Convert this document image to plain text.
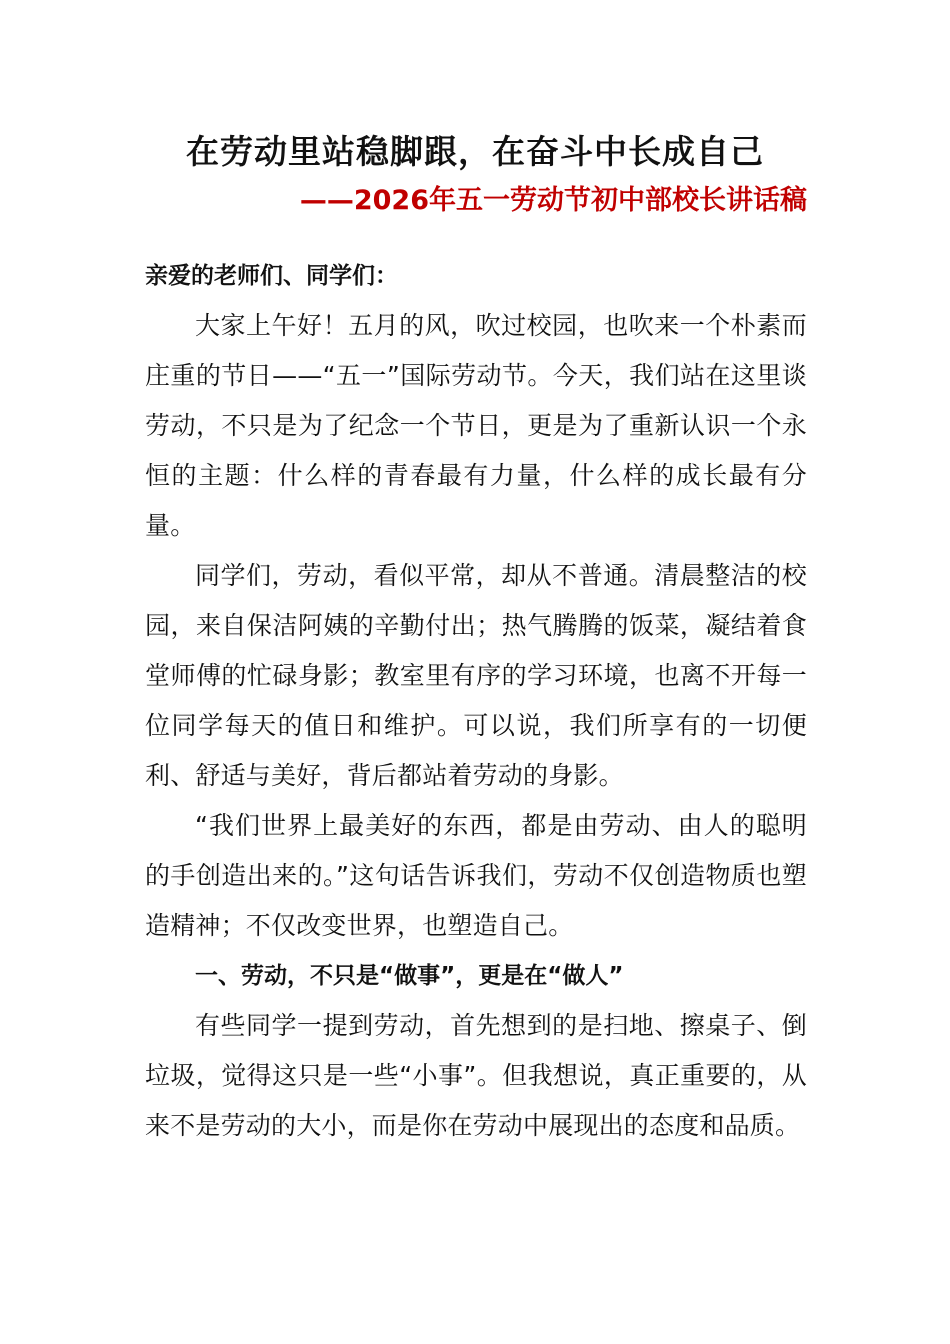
在劳动里站稳脚跟，在奋斗中长成自己
——2026年五一劳动节初中部校长讲话稿

亲爱的老师们、同学们：

大家上午好！五月的风，吹过校园，也吹来一个朴素而庄重的节日——“五一”国际劳动节。今天，我们站在这里谈劳动，不只是为了纪念一个节日，更是为了重新认识一个永恒的主题：什么样的青春最有力量，什么样的成长最有分量。

同学们，劳动，看似平常，却从不普通。清晨整洁的校园，来自保洁阿姨的辛勤付出；热气腾腾的饭菜，凝结着食堂师傅的忙碌身影；教室里有序的学习环境，也离不开每一位同学每天的值日和维护。可以说，我们所享有的一切便利、舒适与美好，背后都站着劳动的身影。

“我们世界上最美好的东西，都是由劳动、由人的聪明的手创造出来的。”这句话告诉我们，劳动不仅创造物质也塑造精神；不仅改变世界，也塑造自己。

一、劳动，不只是“做事”，更是在“做人”

有些同学一提到劳动，首先想到的是扫地、擦桌子、倒垃圾，觉得这只是一些“小事”。但我想说，真正重要的，从来不是劳动的大小，而是你在劳动中展现出的态度和品质。
